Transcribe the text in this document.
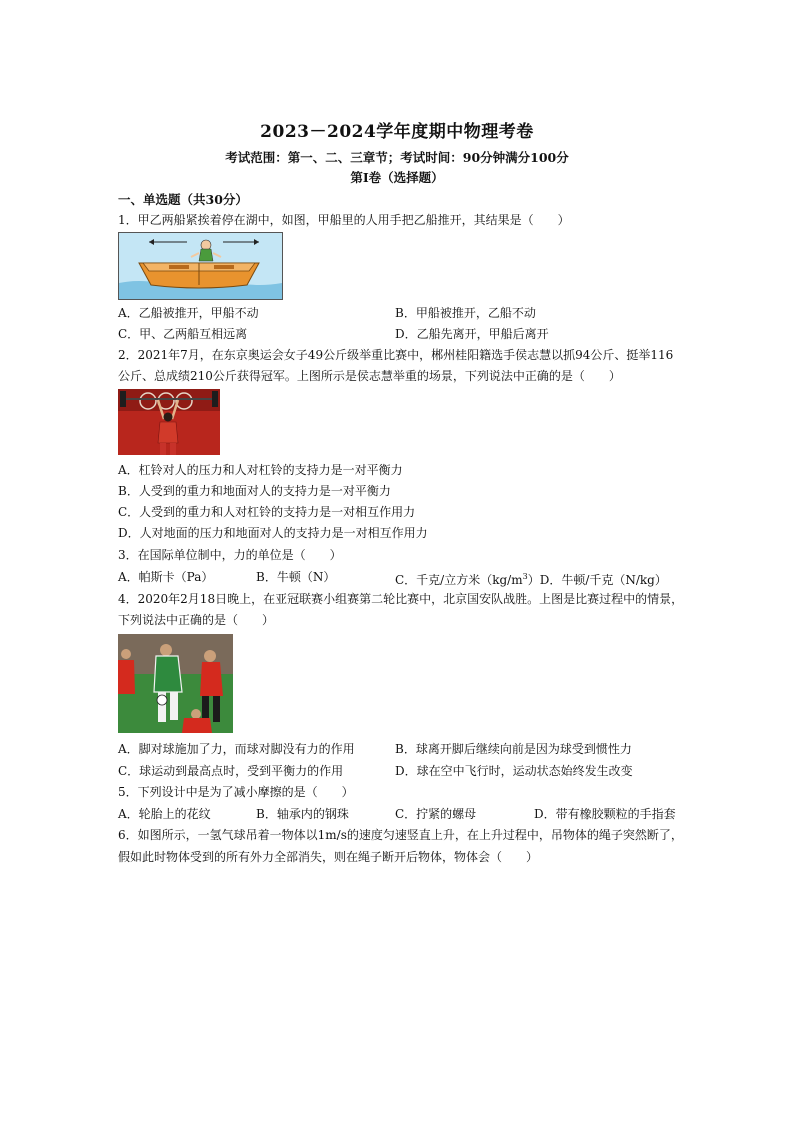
2023－2024学年度期中物理考卷
考试范围：第一、二、三章节；考试时间：90分钟满分100分
第Ⅰ卷（选择题）
一、单选题（共30分）
1．甲乙两船紧挨着停在湖中，如图，甲船里的人用手把乙船推开，其结果是（　　）
A．乙船被推开，甲船不动	B．甲船被推开，乙船不动
C．甲、乙两船互相远离	D．乙船先离开，甲船后离开
2．2021年7月，在东京奥运会女子49公斤级举重比赛中，郴州桂阳籍选手侯志慧以抓94公斤、挺举116
公斤、总成绩210公斤获得冠军。上图所示是侯志慧举重的场景，下列说法中正确的是（　　）
A．杠铃对人的压力和人对杠铃的支持力是一对平衡力
B．人受到的重力和地面对人的支持力是一对平衡力
C．人受到的重力和人对杠铃的支持力是一对相互作用力
D．人对地面的压力和地面对人的支持力是一对相互作用力
3．在国际单位制中，力的单位是（　　）
A．帕斯卡（Pa）	B．牛顿（N）	C．千克/立方米$(kg/m^3)D$．牛顿/千克（N/kg）
4．2020年2月18日晚上，在亚冠联赛小组赛第二轮比赛中，北京国安队战胜。上图是比赛过程中的情景，
下列说法中正确的是（　　）
A．脚对球施加了力，而球对脚没有力的作用	B．球离开脚后继续向前是因为球受到惯性力
C．球运动到最高点时，受到平衡力的作用	D．球在空中飞行时，运动状态始终发生改变
5．下列设计中是为了减小摩擦的是（　　）
A．轮胎上的花纹	B．轴承内的钢珠	C．拧紧的螺母	D．带有橡胶颗粒的手指套
6．如图所示，一氢气球吊着一物体以1m/s的速度匀速竖直上升，在上升过程中，吊物体的绳子突然断了，
假如此时物体受到的所有外力全部消失，则在绳子断开后物体，物体会（　　）
